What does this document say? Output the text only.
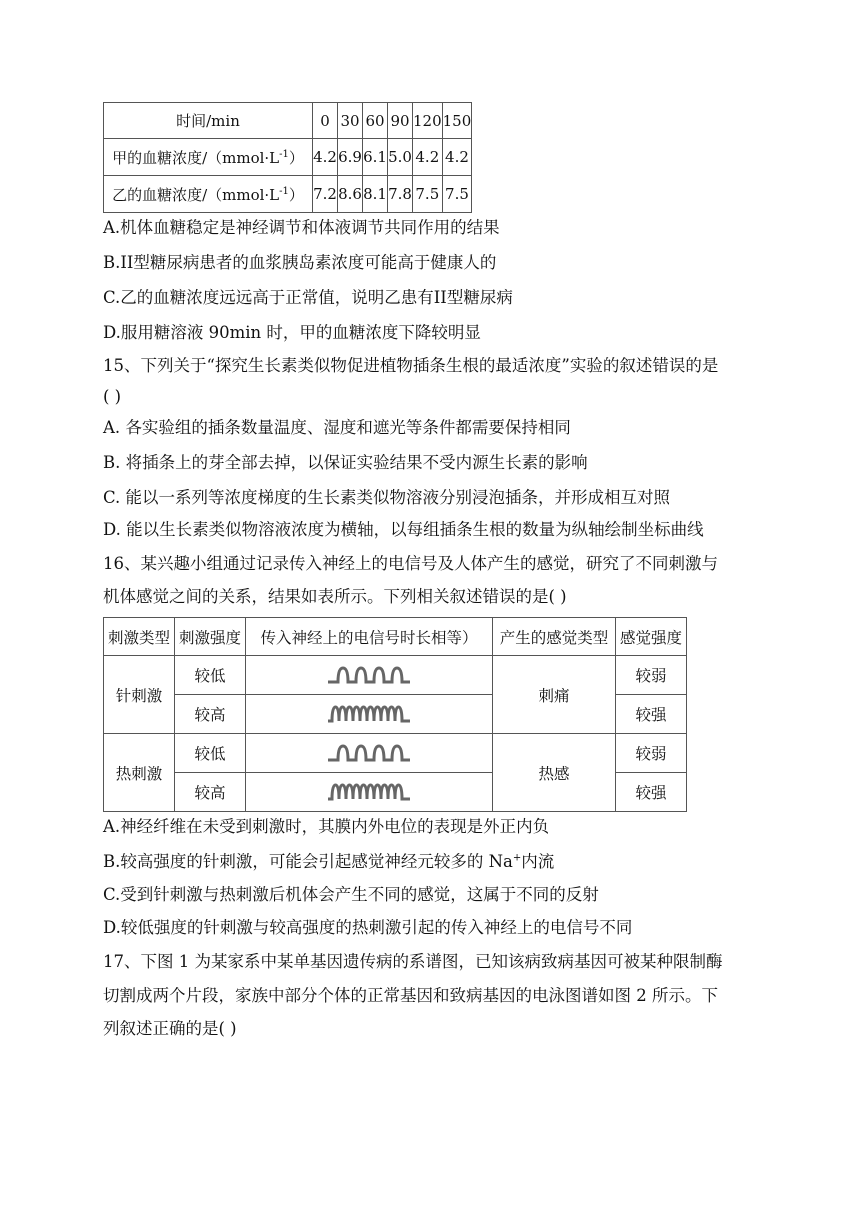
时间/min	0	30	60	90	120	150
甲的血糖浓度$/(mmol\cdot L^{-1})$	4.2	6.9	6.1	5.0	4.2	4.2
乙的血糖浓度$/(mmol\cdot L^{-1})$	7.2	8.6	8.1	7.8	7.5	7.5
A.机体血糖稳定是神经调节和体液调节共同作用的结果
B.II型糖尿病患者的血浆胰岛素浓度可能高于健康人的
C.乙的血糖浓度远远高于正常值，说明乙患有II型糖尿病
D.服用糖溶液 90min 时，甲的血糖浓度下降较明显
15、下列关于“探究生长素类似物促进植物插条生根的最适浓度”实验的叙述错误的是
( )
A. 各实验组的插条数量温度、湿度和遮光等条件都需要保持相同
B. 将插条上的芽全部去掉，以保证实验结果不受内源生长素的影响
C. 能以一系列等浓度梯度的生长素类似物溶液分别浸泡插条，并形成相互对照
D. 能以生长素类似物溶液浓度为横轴，以每组插条生根的数量为纵轴绘制坐标曲线
16、某兴趣小组通过记录传入神经上的电信号及人体产生的感觉，研究了不同刺激与
机体感觉之间的关系，结果如表所示。下列相关叙述错误的是( )
刺激类型	刺激强度	传入神经上的电信号时长相等）	产生的感觉类型	感觉强度
针刺激	较低		刺痛	较弱
	较高			较强
热刺激	较低		热感	较弱
	较高			较强
A.神经纤维在未受到刺激时，其膜内外电位的表现是外正内负
B.较高强度的针刺激，可能会引起感觉神经元较多的 Na+内流
C.受到针刺激与热刺激后机体会产生不同的感觉，这属于不同的反射
D.较低强度的针刺激与较高强度的热刺激引起的传入神经上的电信号不同
17、下图 1 为某家系中某单基因遗传病的系谱图，已知该病致病基因可被某种限制酶
切割成两个片段，家族中部分个体的正常基因和致病基因的电泳图谱如图 2 所示。下
列叙述正确的是( )
